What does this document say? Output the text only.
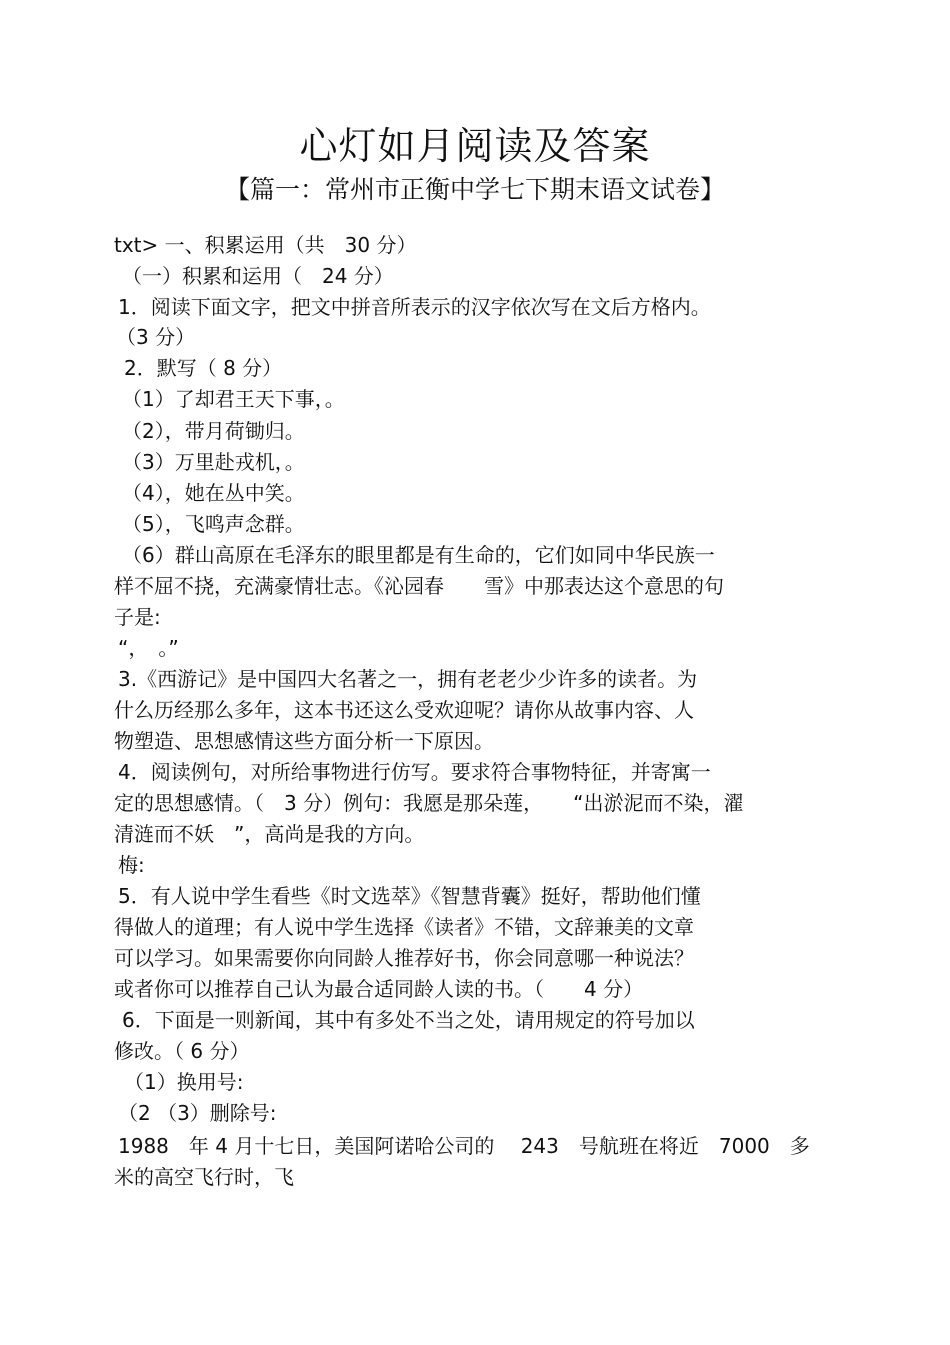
心灯如月阅读及答案
【篇一：常州市正衡中学七下期末语文试卷】
txt> 一、积累运用（共　30 分）
（一）积累和运用（　24 分）
1．阅读下面文字，把文中拼音所表示的汉字依次写在文后方格内。
（3 分）
2．默写（ 8 分）
（1）了却君王天下事，。
（2），带月荷锄归。
（3）万里赴戎机，。
（4），她在丛中笑。
（5），飞鸣声念群。
（6）群山高原在毛泽东的眼里都是有生命的，它们如同中华民族一
样不屈不挠，充满豪情壮志。《沁园春　　雪》中那表达这个意思的句
子是:
“，　。”
3.《西游记》是中国四大名著之一，拥有老老少少许多的读者。为
什么历经那么多年，这本书还这么受欢迎呢？请你从故事内容、人
物塑造、思想感情这些方面分析一下原因。
4．阅读例句，对所给事物进行仿写。要求符合事物特征，并寄寓一
定的思想感情。（　3 分）例句：我愿是那朵莲，　　“出淤泥而不染，濯
清涟而不妖　”，高尚是我的方向。
梅:
5．有人说中学生看些《时文选萃》《智慧背囊》挺好，帮助他们懂
得做人的道理；有人说中学生选择《读者》不错，文辞兼美的文章
可以学习。如果需要你向同龄人推荐好书，你会同意哪一种说法？
或者你可以推荐自己认为最合适同龄人读的书。（　　4 分）
6．下面是一则新闻，其中有多处不当之处，请用规定的符号加以
修改。（ 6 分）
（1）换用号:
（2 （3）删除号:
1988　年 4 月十七日，美国阿诺哈公司的　 243　号航班在将近　7000　多
米的高空飞行时，飞
